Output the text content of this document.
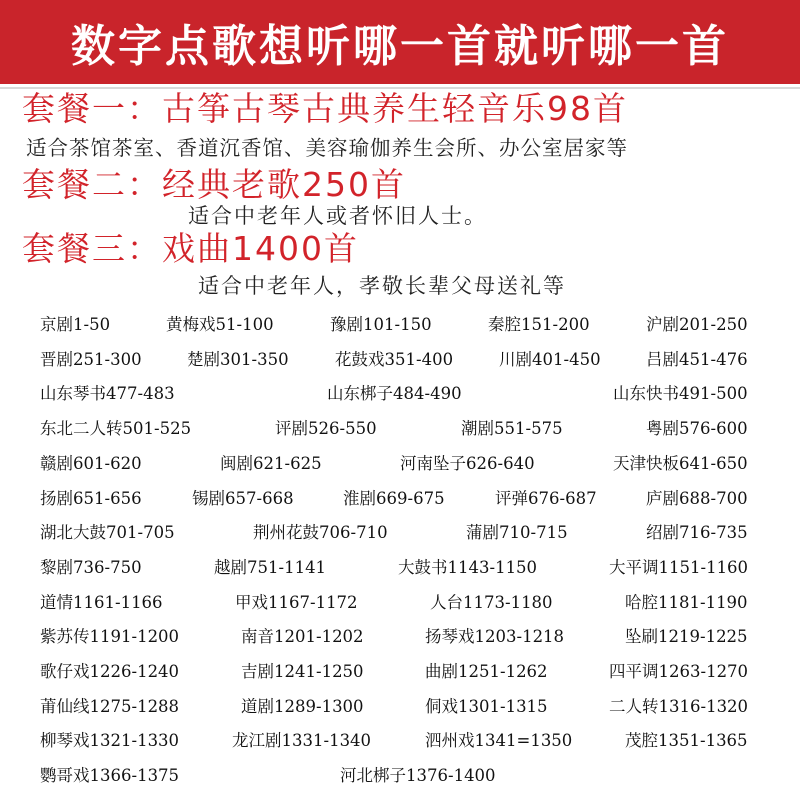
数字点歌想听哪一首就听哪一首
套餐一：古筝古琴古典养生轻音乐98首
适合茶馆茶室、香道沉香馆、美容瑜伽养生会所、办公室居家等
套餐二：经典老歌250首
适合中老年人或者怀旧人士。
套餐三：戏曲1400首
适合中老年人，孝敬长辈父母送礼等
京剧1-50	黄梅戏51-100	豫剧101-150	秦腔151-200	沪剧201-250
晋剧251-300	楚剧301-350	花鼓戏351-400	川剧401-450	吕剧451-476
山东琴书477-483	山东梆子484-490	山东快书491-500
东北二人转501-525	评剧526-550	潮剧551-575	粤剧576-600
赣剧601-620	闽剧621-625	河南坠子626-640	天津快板641-650
扬剧651-656	锡剧657-668	淮剧669-675	评弹676-687	庐剧688-700
湖北大鼓701-705	荆州花鼓706-710	蒲剧710-715	绍剧716-735
黎剧736-750	越剧751-1141	大鼓书1143-1150	大平调1151-1160
道情1161-1166	甲戏1167-1172	人台1173-1180	哈腔1181-1190
紫苏传1191-1200	南音1201-1202	扬琴戏1203-1218	坠刷1219-1225
歌仔戏1226-1240	吉剧1241-1250	曲剧1251-1262	四平调1263-1270
莆仙线1275-1288	道剧1289-1300	侗戏1301-1315	二人转1316-1320
柳琴戏1321-1330	龙江剧1331-1340	泗州戏1341=1350	茂腔1351-1365
鹦哥戏1366-1375	河北梆子1376-1400
